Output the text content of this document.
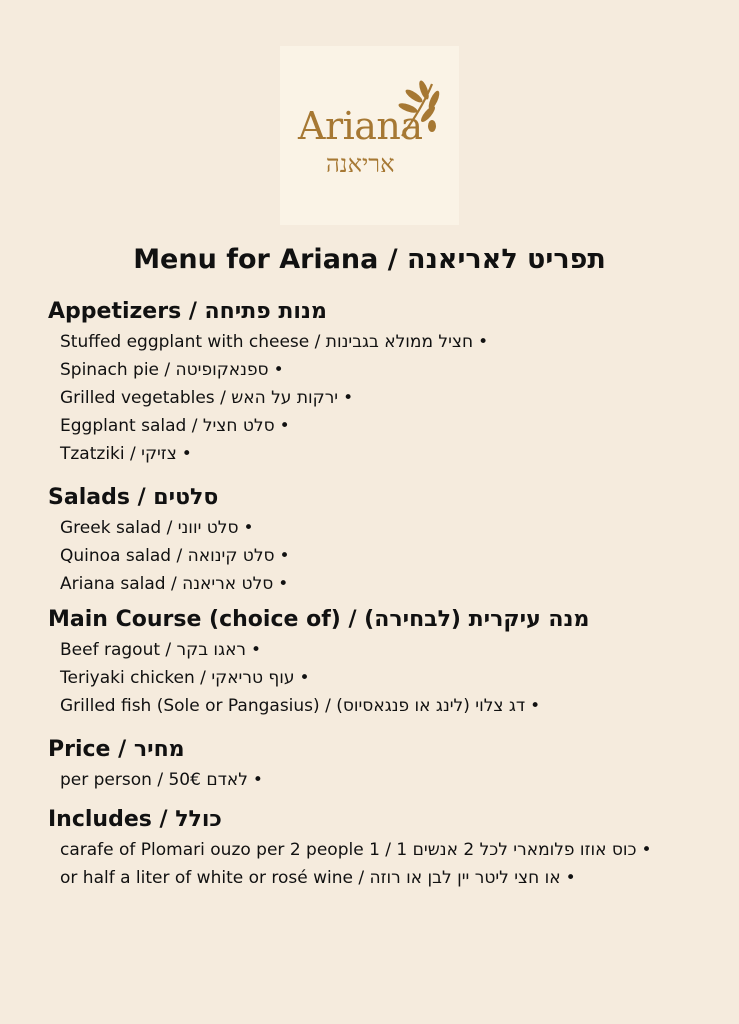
Ariana
אריאנה
Menu for Ariana / תפריט לאריאנה
Appetizers / מנות פתיחה
Stuffed eggplant with cheese / חציל ממולא בגבינות •
Spinach pie / ספנאקופיטה •
Grilled vegetables / ירקות על האש •
Eggplant salad / סלט חציל •
Tzatziki / צזיקי •
Salads / סלטים
Greek salad / סלט יווני •
Quinoa salad / סלט קינואה •
Ariana salad / סלט אריאנה •
Main Course (choice of) / (לבחירה) מנה עיקרית
Beef ragout / ראגו בקר •
Teriyaki chicken / עוף טריאקי •
Grilled fish (Sole or Pangasius) / (לינג או פנגאסיוס) דג צלוי •
Price / מחיר
per person / 50€ לאדם •
Includes / כולל
carafe of Plomari ouzo per 2 people 1 / 1 כוס אוזו פלומארי לכל 2 אנשים •
or half a liter of white or rosé wine / או חצי ליטר יין לבן או רוזה •
